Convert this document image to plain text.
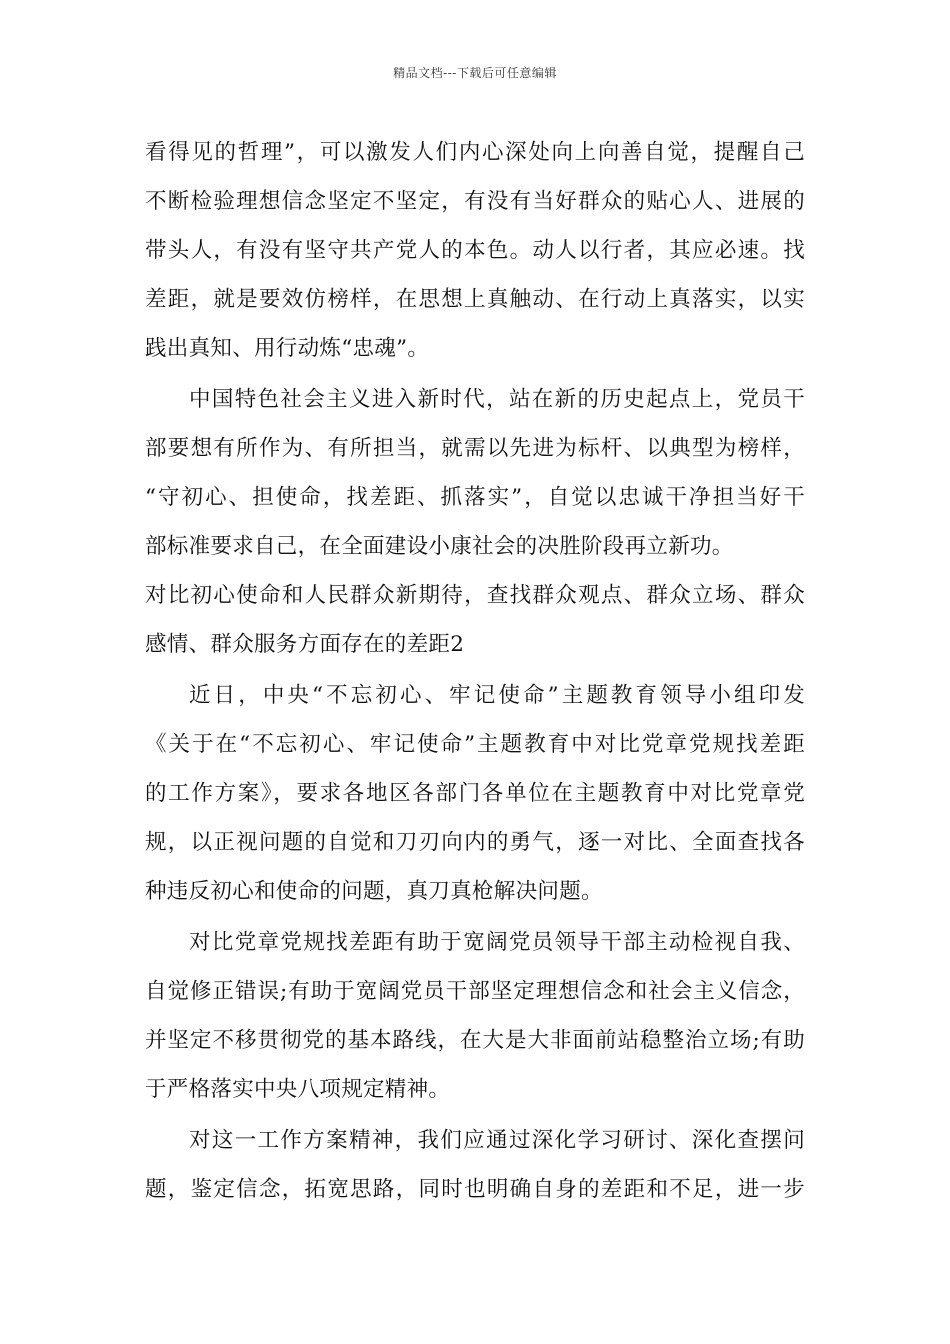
精品文档---下载后可任意编辑
看得见的哲理”，可以激发人们内心深处向上向善自觉，提醒自己
不断检验理想信念坚定不坚定，有没有当好群众的贴心人、进展的
带头人，有没有坚守共产党人的本色。动人以行者，其应必速。找
差距，就是要效仿榜样，在思想上真触动、在行动上真落实，以实
践出真知、用行动炼“忠魂”。
中国特色社会主义进入新时代，站在新的历史起点上，党员干
部要想有所作为、有所担当，就需以先进为标杆、以典型为榜样，
“守初心、担使命，找差距、抓落实”，自觉以忠诚干净担当好干
部标准要求自己，在全面建设小康社会的决胜阶段再立新功。
对比初心使命和人民群众新期待，查找群众观点、群众立场、群众
感情、群众服务方面存在的差距2
近日，中央“不忘初心、牢记使命”主题教育领导小组印发
《关于在“不忘初心、牢记使命”主题教育中对比党章党规找差距
的工作方案》，要求各地区各部门各单位在主题教育中对比党章党
规，以正视问题的自觉和刀刃向内的勇气，逐一对比、全面查找各
种违反初心和使命的问题，真刀真枪解决问题。
对比党章党规找差距有助于宽阔党员领导干部主动检视自我、
自觉修正错误;有助于宽阔党员干部坚定理想信念和社会主义信念，
并坚定不移贯彻党的基本路线，在大是大非面前站稳整治立场;有助
于严格落实中央八项规定精神。
对这一工作方案精神，我们应通过深化学习研讨、深化查摆问
题，鉴定信念，拓宽思路，同时也明确自身的差距和不足，进一步
